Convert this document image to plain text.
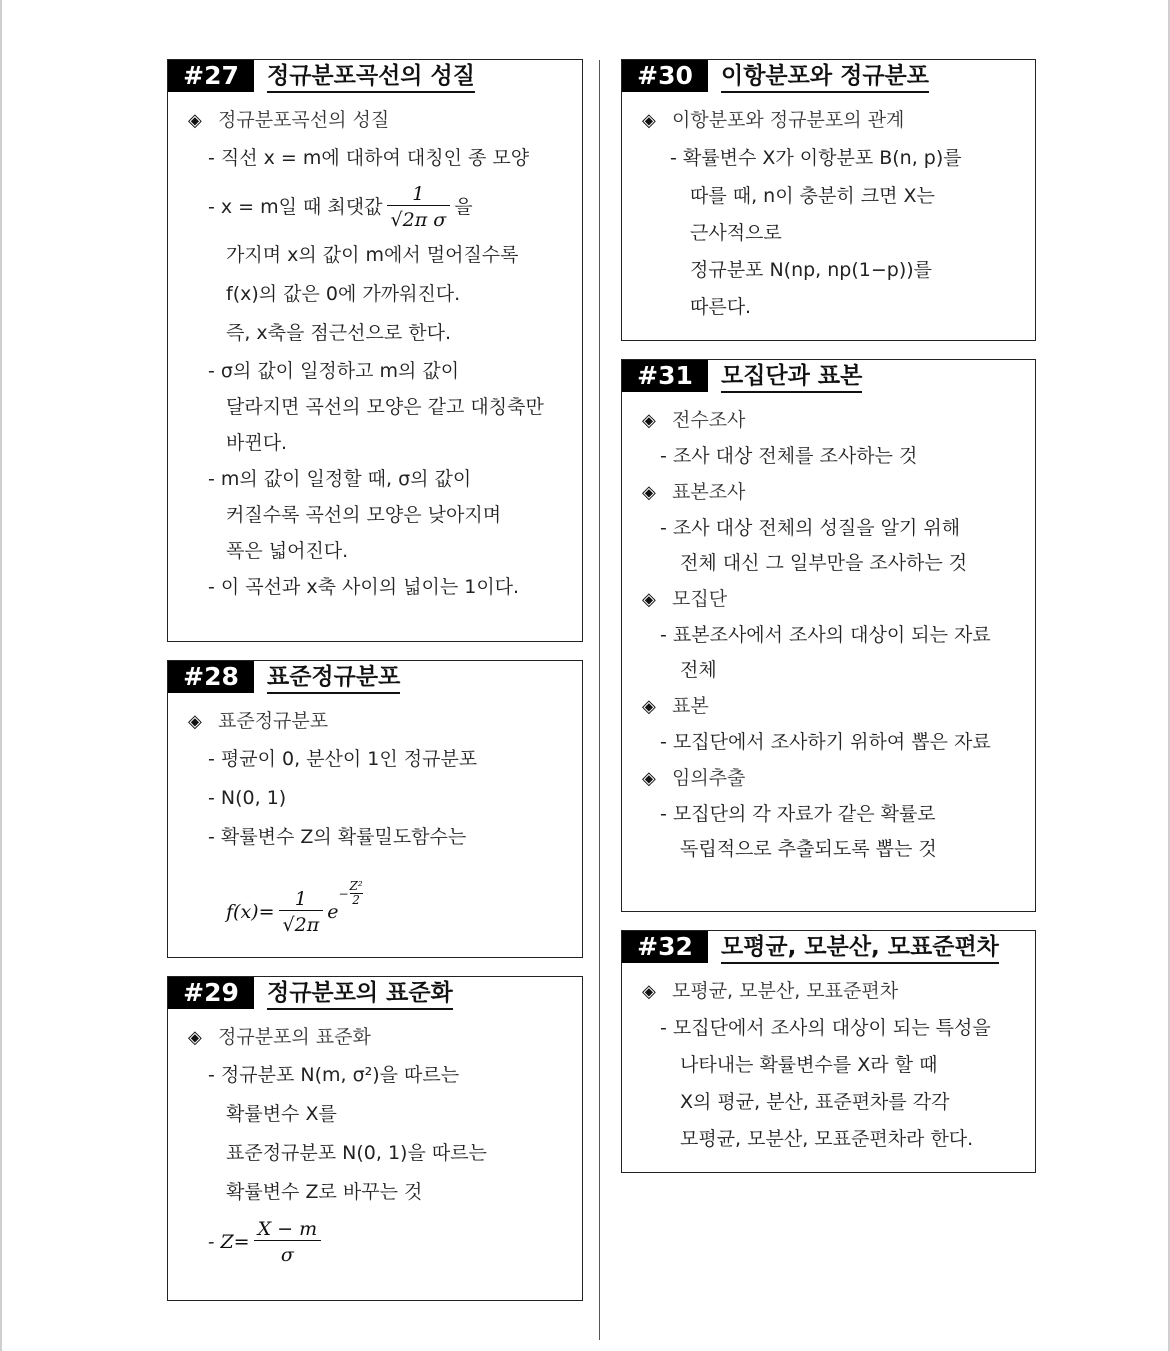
#27	정규분포곡선의 성질
◈ 정규분포곡선의 성질
- 직선 x = m에 대하여 대칭인 종 모양
- x = m일 때 최댓값 $\frac{1}{\text{√2π σ}}$ 을
가지며 x의 값이 m에서 멀어질수록
f(x)의 값은 0에 가까워진다.
즉, x축을 점근선으로 한다.
- σ의 값이 일정하고 m의 값이
달라지면 곡선의 모양은 같고 대칭축만
바뀐다.
- m의 값이 일정할 때, σ의 값이
커질수록 곡선의 모양은 낮아지며
폭은 넓어진다.
- 이 곡선과 x축 사이의 넓이는 1이다.
#28	표준정규분포
◈ 표준정규분포
- 평균이 0, 분산이 1인 정규분포
- N(0, 1)
- 확률변수 Z의 확률밀도함수는
$f(x)= \frac{1}{√2\pi} e^- \frac{\text{Z²}}{2}$
#29	정규분포의 표준화
◈ 정규분포의 표준화
- 정규분포 N(m, σ²)을 따르는
확률변수 X를
표준정규분포 N(0, 1)을 따르는
확률변수 Z로 바꾸는 것
- $Z= \frac{X - m}{\sigma}$
#30	이항분포와 정규분포
◈ 이항분포와 정규분포의 관계
- 확률변수 X가 이항분포 B(n, p)를
따를 때, n이 충분히 크면 X는
근사적으로
정규분포 N(np, np(1−p))를
따른다.
#31	모집단과 표본
◈ 전수조사
- 조사 대상 전체를 조사하는 것
◈ 표본조사
- 조사 대상 전체의 성질을 알기 위해
전체 대신 그 일부만을 조사하는 것
◈ 모집단
- 표본조사에서 조사의 대상이 되는 자료
전체
◈ 표본
- 모집단에서 조사하기 위하여 뽑은 자료
◈ 임의추출
- 모집단의 각 자료가 같은 확률로
독립적으로 추출되도록 뽑는 것
#32	모평균, 모분산, 모표준편차
◈ 모평균, 모분산, 모표준편차
- 모집단에서 조사의 대상이 되는 특성을
나타내는 확률변수를 X라 할 때
X의 평균, 분산, 표준편차를 각각
모평균, 모분산, 모표준편차라 한다.
